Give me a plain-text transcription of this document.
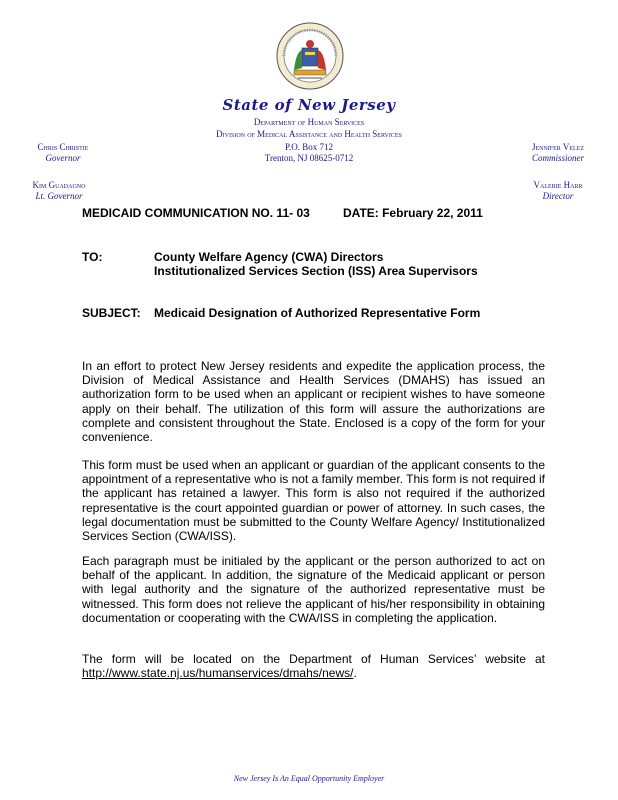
State of New Jersey
Department of Human Services
Division of Medical Assistance and Health Services
P.O. Box 712
Trenton, NJ 08625-0712
Chris Christie
Governor
Kim Guadagno
Lt. Governor
Jennifer Velez
Commissioner
Valerie Harr
Director
MEDICAID COMMUNICATION NO. 11- 03	DATE: February 22, 2011
TO:	County Welfare Agency (CWA) Directors
Institutionalized Services Section (ISS) Area Supervisors
SUBJECT: Medicaid Designation of Authorized Representative Form

In an effort to protect New Jersey residents and expedite the application process, the Division of Medical Assistance and Health Services (DMAHS) has issued an authorization form to be used when an applicant or recipient wishes to have someone apply on their behalf. The utilization of this form will assure the authorizations are complete and consistent throughout the State. Enclosed is a copy of the form for your convenience.

This form must be used when an applicant or guardian of the applicant consents to the appointment of a representative who is not a family member. This form is not required if the applicant has retained a lawyer. This form is also not required if the authorized representative is the court appointed guardian or power of attorney. In such cases, the legal documentation must be submitted to the County Welfare Agency/ Institutionalized Services Section (CWA/ISS).

Each paragraph must be initialed by the applicant or the person authorized to act on behalf of the applicant. In addition, the signature of the Medicaid applicant or person with legal authority and the signature of the authorized representative must be witnessed. This form does not relieve the applicant of his/her responsibility in obtaining documentation or cooperating with the CWA/ISS in completing the application.

The form will be located on the Department of Human Services’ website at http://www.state.nj.us/humanservices/dmahs/news/.

New Jersey Is An Equal Opportunity Employer
